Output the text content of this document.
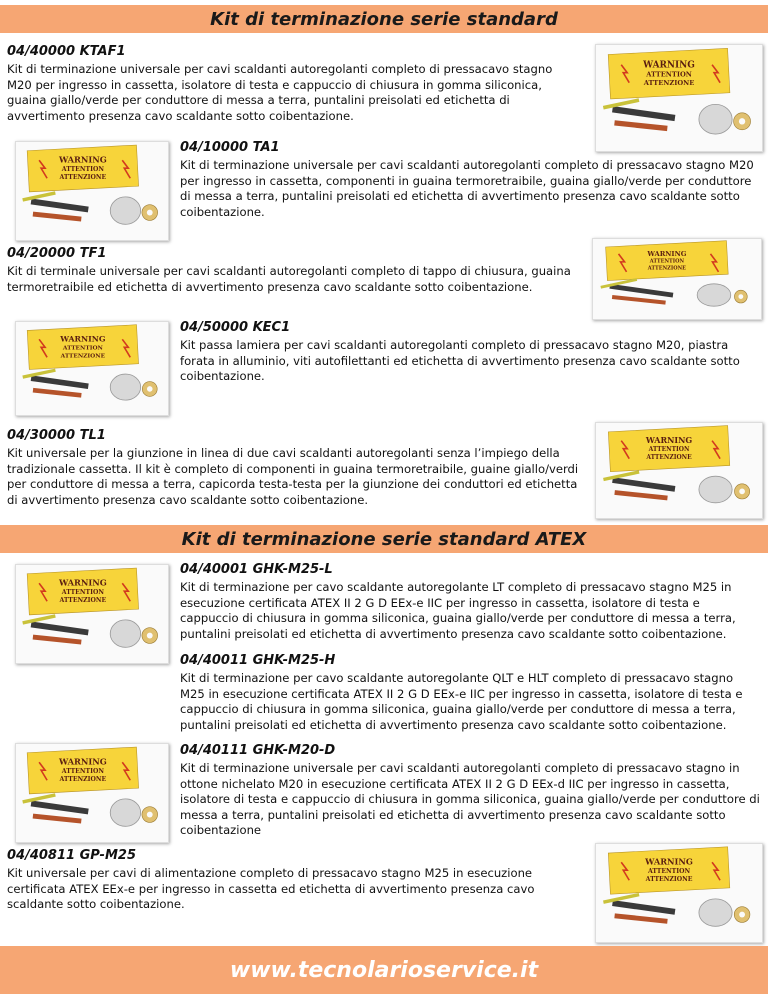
Kit di terminazione serie standard
Kit di terminazione serie standard ATEX
04/40000 KTAF1
Kit di terminazione universale per cavi scaldanti autoregolanti completo di pressacavo stagno M20 per ingresso in cassetta, isolatore di testa e cappuccio di chiusura in gomma siliconica, guaina giallo/verde per conduttore di messa a terra, puntalini preisolati ed etichetta di avvertimento presenza cavo scaldante sotto coibentazione.
WARNING
ATTENTION
ATTENZIONE
WARNING
ATTENTION
ATTENZIONE
04/10000 TA1
Kit di terminazione universale per cavi scaldanti autoregolanti completo di pressacavo stagno M20 per ingresso in cassetta, componenti in guaina termoretraibile, guaina giallo/verde per conduttore di messa a terra, puntalini preisolati ed etichetta di avvertimento presenza cavo scaldante sotto coibentazione.
04/20000 TF1
Kit di terminale universale per cavi scaldanti autoregolanti completo di tappo di chiusura, guaina termoretraibile ed etichetta di avvertimento presenza cavo scaldante sotto coibentazione.
WARNING
ATTENTION
ATTENZIONE
WARNING
ATTENTION
ATTENZIONE
04/50000 KEC1
Kit passa lamiera per cavi scaldanti autoregolanti completo di pressacavo stagno M20, piastra forata in alluminio, viti autofilettanti ed etichetta di avvertimento presenza cavo scaldante sotto coibentazione.
04/30000 TL1
Kit universale per la giunzione in linea di due cavi scaldanti autoregolanti senza l’impiego della tradizionale cassetta. Il kit è completo di componenti in guaina termoretraibile, guaine giallo/verdi per conduttore di messa a terra, capicorda testa-testa per la giunzione dei conduttori ed etichetta di avvertimento presenza cavo scaldante sotto coibentazione.
WARNING
ATTENTION
ATTENZIONE
WARNING
ATTENTION
ATTENZIONE
04/40001 GHK-M25-L
Kit di terminazione per cavo scaldante autoregolante LT completo di pressacavo stagno M25 in esecuzione certificata ATEX II 2 G D EEx-e IIC per ingresso in cassetta, isolatore di testa e cappuccio di chiusura in gomma siliconica, guaina giallo/verde per conduttore di messa a terra, puntalini preisolati ed etichetta di avvertimento presenza cavo scaldante sotto coibentazione.
04/40011 GHK-M25-H
Kit di terminazione per cavo scaldante autoregolante QLT e HLT completo di pressacavo stagno M25 in esecuzione certificata ATEX II 2 G D EEx-e IIC per ingresso in cassetta, isolatore di testa e cappuccio di chiusura in gomma siliconica, guaina giallo/verde per conduttore di messa a terra, puntalini preisolati ed etichetta di avvertimento presenza cavo scaldante sotto coibentazione.
WARNING
ATTENTION
ATTENZIONE
04/40111 GHK-M20-D
Kit di terminazione universale per cavi scaldanti autoregolanti completo di pressacavo stagno in ottone nichelato M20 in esecuzione certificata ATEX II 2 G D EEx-d IIC per ingresso in cassetta, isolatore di testa e cappuccio di chiusura in gomma siliconica, guaina giallo/verde per conduttore di messa a terra, puntalini preisolati ed etichetta di avvertimento presenza cavo scaldante sotto coibentazione
04/40811 GP-M25
Kit universale per cavi di alimentazione completo di pressacavo stagno M25 in esecuzione certificata ATEX EEx-e per ingresso in cassetta ed etichetta di avvertimento presenza cavo scaldante sotto coibentazione.
WARNING
ATTENTION
ATTENZIONE
www.tecnolarioservice.it
